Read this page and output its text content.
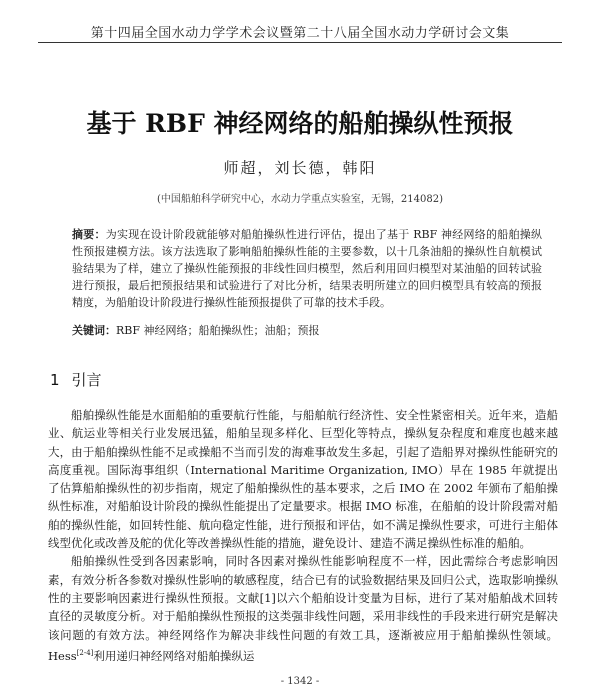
第十四届全国水动力学学术会议暨第二十八届全国水动力学研讨会文集
基于 RBF 神经网络的船舶操纵性预报
师超，刘长德，韩阳
(中国船舶科学研究中心，水动力学重点实验室，无锡，214082)
摘要：为实现在设计阶段就能够对船舶操纵性进行评估，提出了基于 RBF 神经网络的船舶操纵性预报建模方法。该方法选取了影响船舶操纵性能的主要参数，以十几条油船的操纵性自航模试验结果为了样，建立了操纵性能预报的非线性回归模型，然后利用回归模型对某油船的回转试验进行预报，最后把预报结果和试验进行了对比分析，结果表明所建立的回归模型具有较高的预报精度，为船舶设计阶段进行操纵性能预报提供了可靠的技术手段。
关键词：RBF 神经网络；船舶操纵性；油船；预报
1 引言

船舶操纵性能是水面船舶的重要航行性能，与船舶航行经济性、安全性紧密相关。近年来，造船业、航运业等相关行业发展迅猛，船舶呈现多样化、巨型化等特点，操纵复杂程度和难度也越来越大，由于船舶操纵性能不足或操船不当而引发的海难事故发生多起，引起了造船界对操纵性能研究的高度重视。国际海事组织（International Maritime Organization, IMO）早在 1985 年就提出了估算船舶操纵性的初步指南，规定了船舶操纵性的基本要求，之后 IMO 在 2002 年颁布了船舶操纵性标准，对船舶设计阶段的操纵性能提出了定量要求。根据 IMO 标准，在船舶的设计阶段需对船舶的操纵性能，如回转性能、航向稳定性能，进行预报和评估，如不满足操纵性要求，可进行主船体线型优化或改善及舵的优化等改善操纵性能的措施，避免设计、建造不满足操纵性标准的船舶。

船舶操纵性受到各因素影响，同时各因素对操纵性能影响程度不一样，因此需综合考虑影响因素，有效分析各参数对操纵性影响的敏感程度，结合已有的试验数据结果及回归公式，选取影响操纵性的主要影响因素进行操纵性预报。文献[1]以六个船舶设计变量为目标，进行了某对船舶战术回转直径的灵敏度分析。对于船舶操纵性预报的这类强非线性问题，采用非线性的手段来进行研究是解决该问题的有效方法。神经网络作为解决非线性问题的有效工具，逐渐被应用于船舶操纵性领域。Hess[2-4]利用递归神经网络对船舶操纵运

- 1342 -
